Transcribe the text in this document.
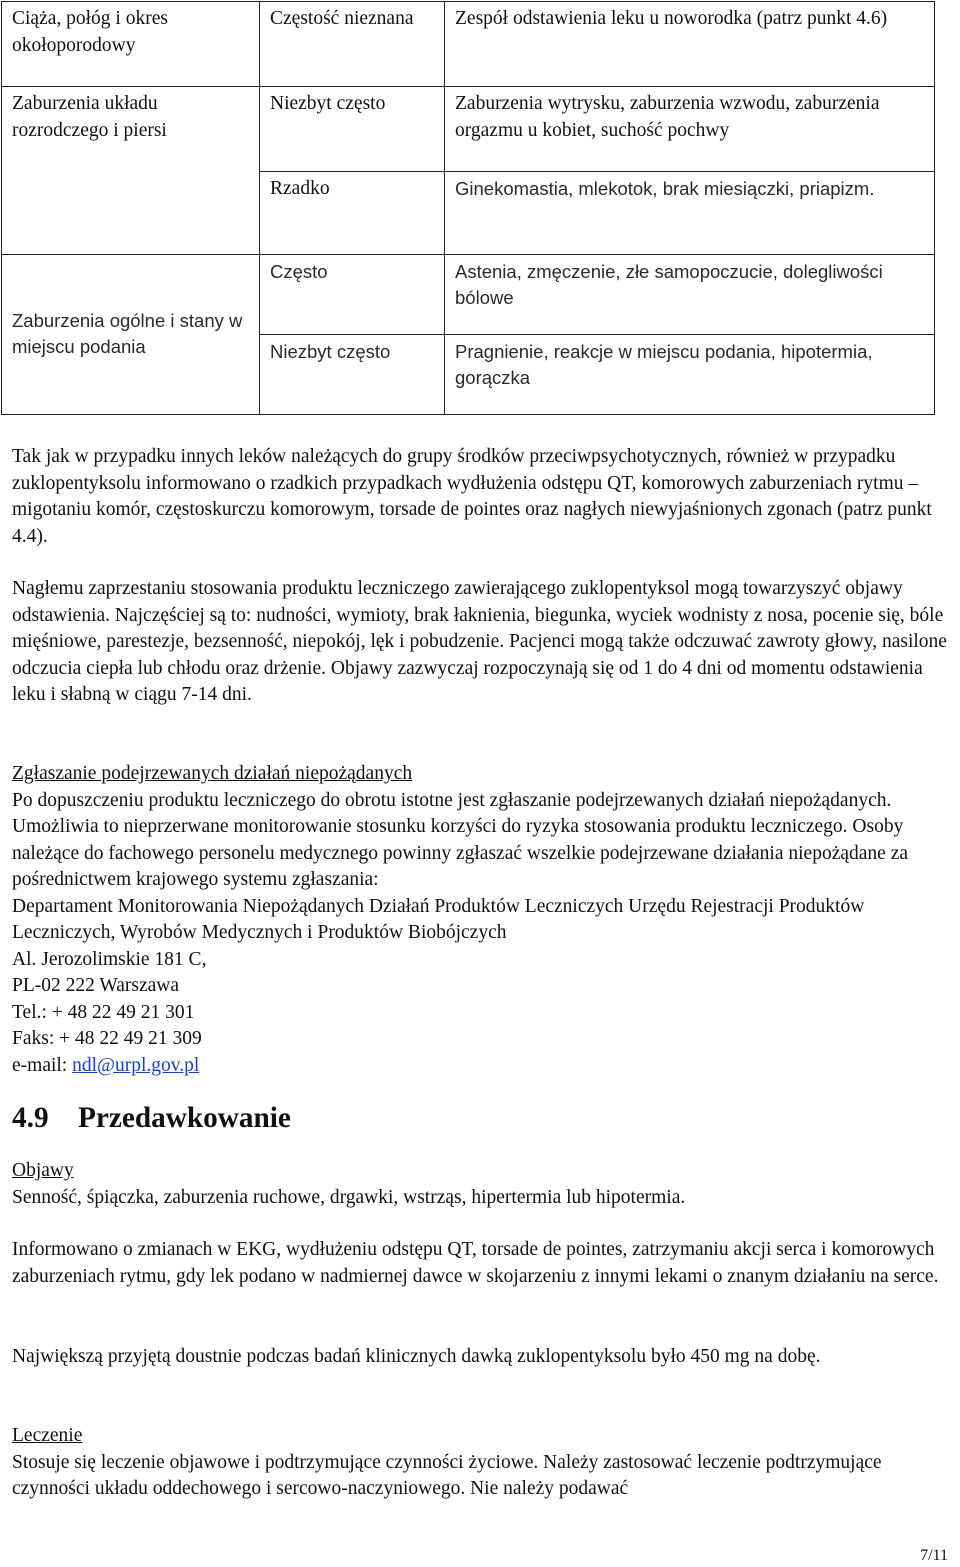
Ciąża, połóg i okres okołoporodowy	Częstość nieznana	Zespół odstawienia leku u noworodka (patrz punkt 4.6)
Zaburzenia układu rozrodczego i piersi	Niezbyt często	Zaburzenia wytrysku, zaburzenia wzwodu, zaburzenia orgazmu u kobiet, suchość pochwy
	Rzadko	Ginekomastia, mlekotok, brak miesiączki, priapizm.
Zaburzenia ogólne i stany w miejscu podania	Często	Astenia, zmęczenie, złe samopoczucie, dolegliwości bólowe
	Niezbyt często	Pragnienie, reakcje w miejscu podania, hipotermia, gorączka

Tak jak w przypadku innych leków należących do grupy środków przeciwpsychotycznych, również w przypadku zuklopentyksolu informowano o rzadkich przypadkach wydłużenia odstępu QT, komorowych zaburzeniach rytmu – migotaniu komór, częstoskurczu komorowym, torsade de pointes oraz nagłych niewyjaśnionych zgonach (patrz punkt 4.4).

Nagłemu zaprzestaniu stosowania produktu leczniczego zawierającego zuklopentyksol mogą towarzyszyć objawy odstawienia. Najczęściej są to: nudności, wymioty, brak łaknienia, biegunka, wyciek wodnisty z nosa, pocenie się, bóle mięśniowe, parestezje, bezsenność, niepokój, lęk i pobudzenie. Pacjenci mogą także odczuwać zawroty głowy, nasilone odczucia ciepła lub chłodu oraz drżenie. Objawy zazwyczaj rozpoczynają się od 1 do 4 dni od momentu odstawienia leku i słabną w ciągu 7-14 dni.

Zgłaszanie podejrzewanych działań niepożądanych
Po dopuszczeniu produktu leczniczego do obrotu istotne jest zgłaszanie podejrzewanych działań niepożądanych. Umożliwia to nieprzerwane monitorowanie stosunku korzyści do ryzyka stosowania produktu leczniczego. Osoby należące do fachowego personelu medycznego powinny zgłaszać wszelkie podejrzewane działania niepożądane za pośrednictwem krajowego systemu zgłaszania:
Departament Monitorowania Niepożądanych Działań Produktów Leczniczych Urzędu Rejestracji Produktów Leczniczych, Wyrobów Medycznych i Produktów Biobójczych
Al. Jerozolimskie 181 C,
PL-02 222 Warszawa
Tel.: + 48 22 49 21 301
Faks: + 48 22 49 21 309
e-mail: ndl@urpl.gov.pl
4.9 Przedawkowanie
Objawy
Senność, śpiączka, zaburzenia ruchowe, drgawki, wstrząs, hipertermia lub hipotermia.

Informowano o zmianach w EKG, wydłużeniu odstępu QT, torsade de pointes, zatrzymaniu akcji serca i komorowych zaburzeniach rytmu, gdy lek podano w nadmiernej dawce w skojarzeniu z innymi lekami o znanym działaniu na serce.

Największą przyjętą doustnie podczas badań klinicznych dawką zuklopentyksolu było 450 mg na dobę.

Leczenie
Stosuje się leczenie objawowe i podtrzymujące czynności życiowe. Należy zastosować leczenie podtrzymujące czynności układu oddechowego i sercowo-naczyniowego. Nie należy podawać

7/11
